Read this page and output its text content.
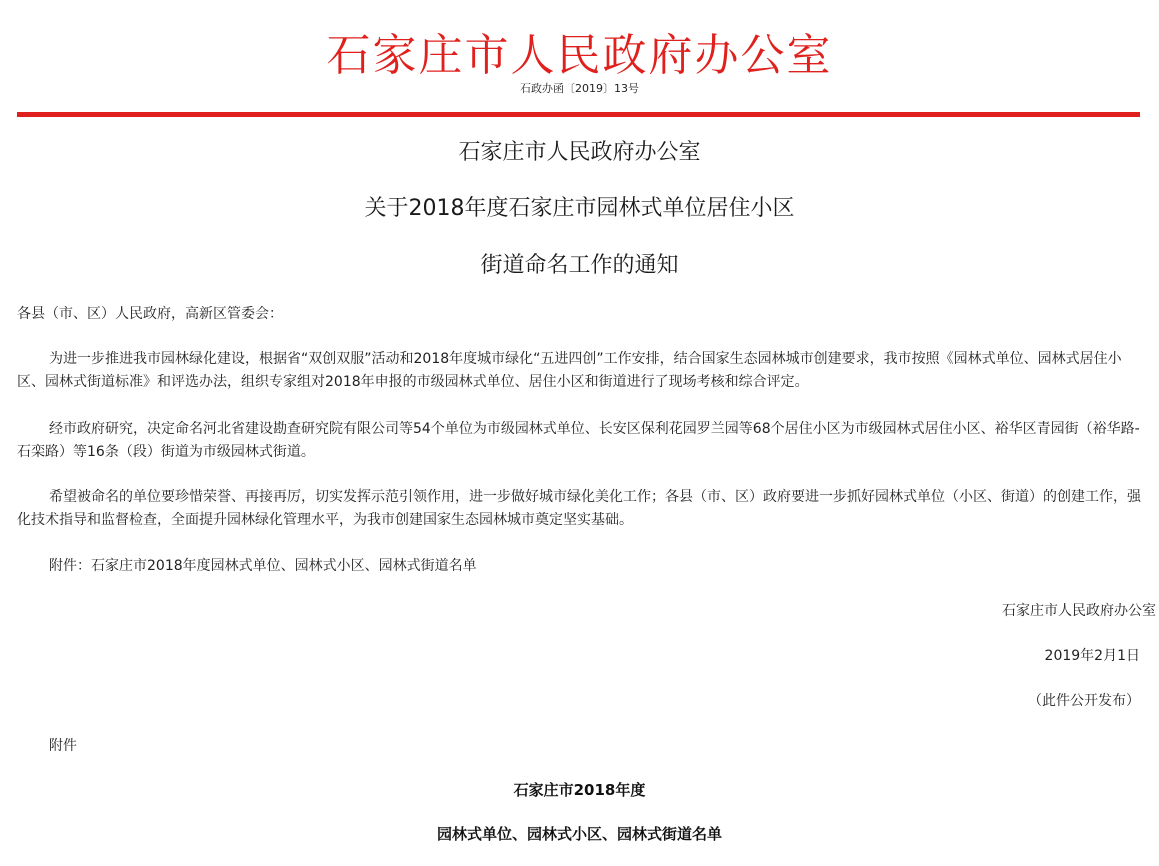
石家庄市人民政府办公室
石政办函〔2019〕13号
石家庄市人民政府办公室
关于2018年度石家庄市园林式单位居住小区
街道命名工作的通知
各县（市、区）人民政府，高新区管委会：
为进一步推进我市园林绿化建设，根据省“双创双服”活动和2018年度城市绿化“五进四创”工作安排，结合国家生态园林城市创建要求，我市按照《园林式单位、园林式居住小区、园林式街道标准》和评选办法，组织专家组对2018年申报的市级园林式单位、居住小区和街道进行了现场考核和综合评定。
经市政府研究，决定命名河北省建设勘查研究院有限公司等54个单位为市级园林式单位、长安区保利花园罗兰园等68个居住小区为市级园林式居住小区、裕华区青园街（裕华路-石栾路）等16条（段）街道为市级园林式街道。
希望被命名的单位要珍惜荣誉、再接再厉，切实发挥示范引领作用，进一步做好城市绿化美化工作；各县（市、区）政府要进一步抓好园林式单位（小区、街道）的创建工作，强化技术指导和监督检查，全面提升园林绿化管理水平，为我市创建国家生态园林城市奠定坚实基础。
附件：石家庄市2018年度园林式单位、园林式小区、园林式街道名单
石家庄市人民政府办公室
2019年2月1日
（此件公开发布）
附件
石家庄市2018年度
园林式单位、园林式小区、园林式街道名单
